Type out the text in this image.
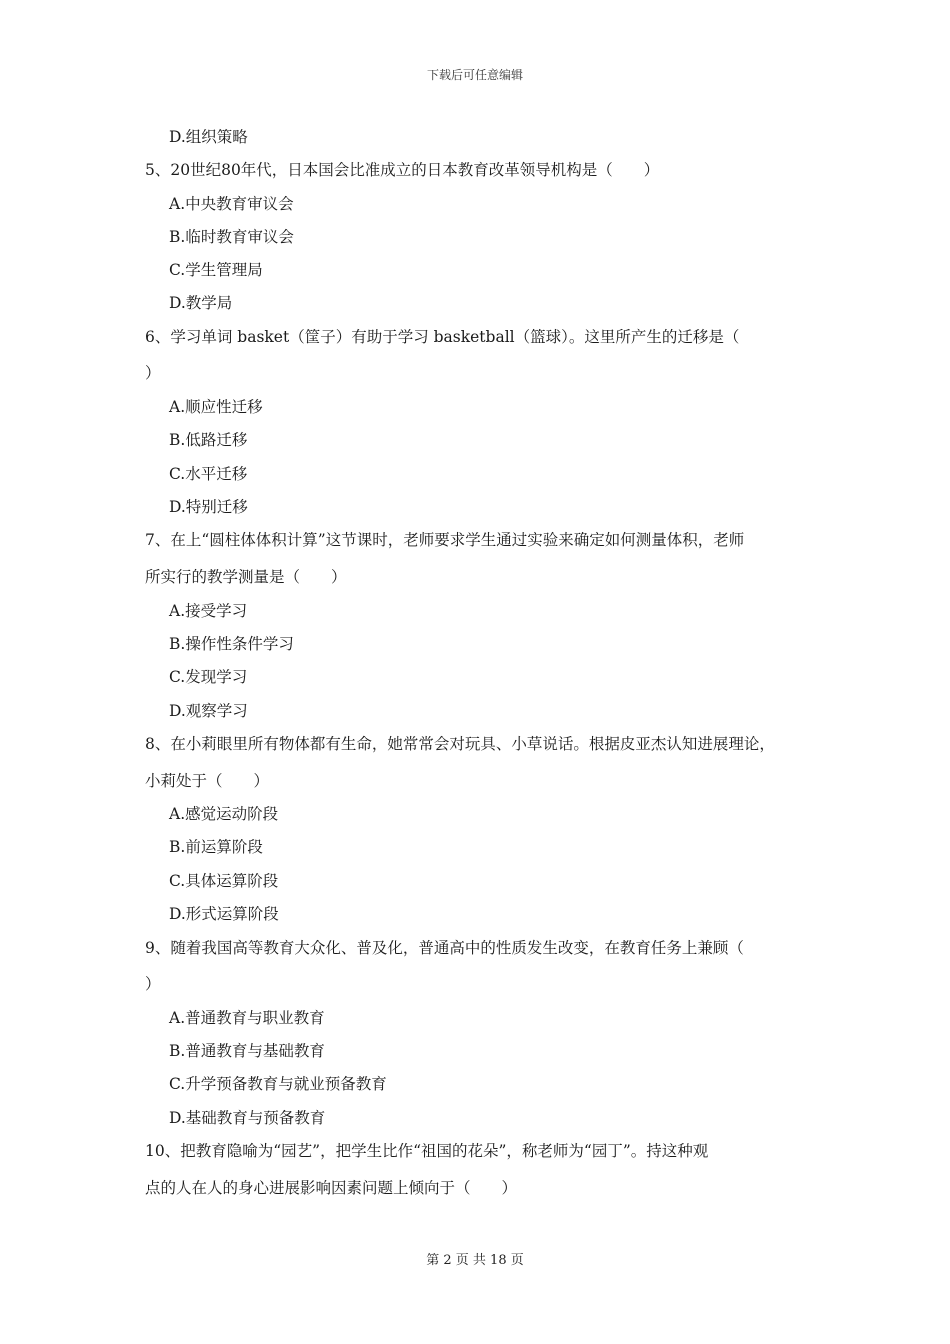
下载后可任意编辑
D.组织策略
5、20世纪80年代，日本国会比准成立的日本教育改革领导机构是（　　）
A.中央教育审议会
B.临时教育审议会
C.学生管理局
D.教学局
6、学习单词 basket（筐子）有助于学习 basketball（篮球）。这里所产生的迁移是（
）
A.顺应性迁移
B.低路迁移
C.水平迁移
D.特别迁移
7、在上“圆柱体体积计算”这节课时，老师要求学生通过实验来确定如何测量体积，老师
所实行的教学测量是（　　）
A.接受学习
B.操作性条件学习
C.发现学习
D.观察学习
8、在小莉眼里所有物体都有生命，她常常会对玩具、小草说话。根据皮亚杰认知进展理论，
小莉处于（　　）
A.感觉运动阶段
B.前运算阶段
C.具体运算阶段
D.形式运算阶段
9、随着我国高等教育大众化、普及化，普通高中的性质发生改变，在教育任务上兼顾（
）
A.普通教育与职业教育
B.普通教育与基础教育
C.升学预备教育与就业预备教育
D.基础教育与预备教育
10、把教育隐喻为“园艺”，把学生比作“祖国的花朵”，称老师为“园丁”。持这种观
点的人在人的身心进展影响因素问题上倾向于（　　）
第 2 页 共 18 页
